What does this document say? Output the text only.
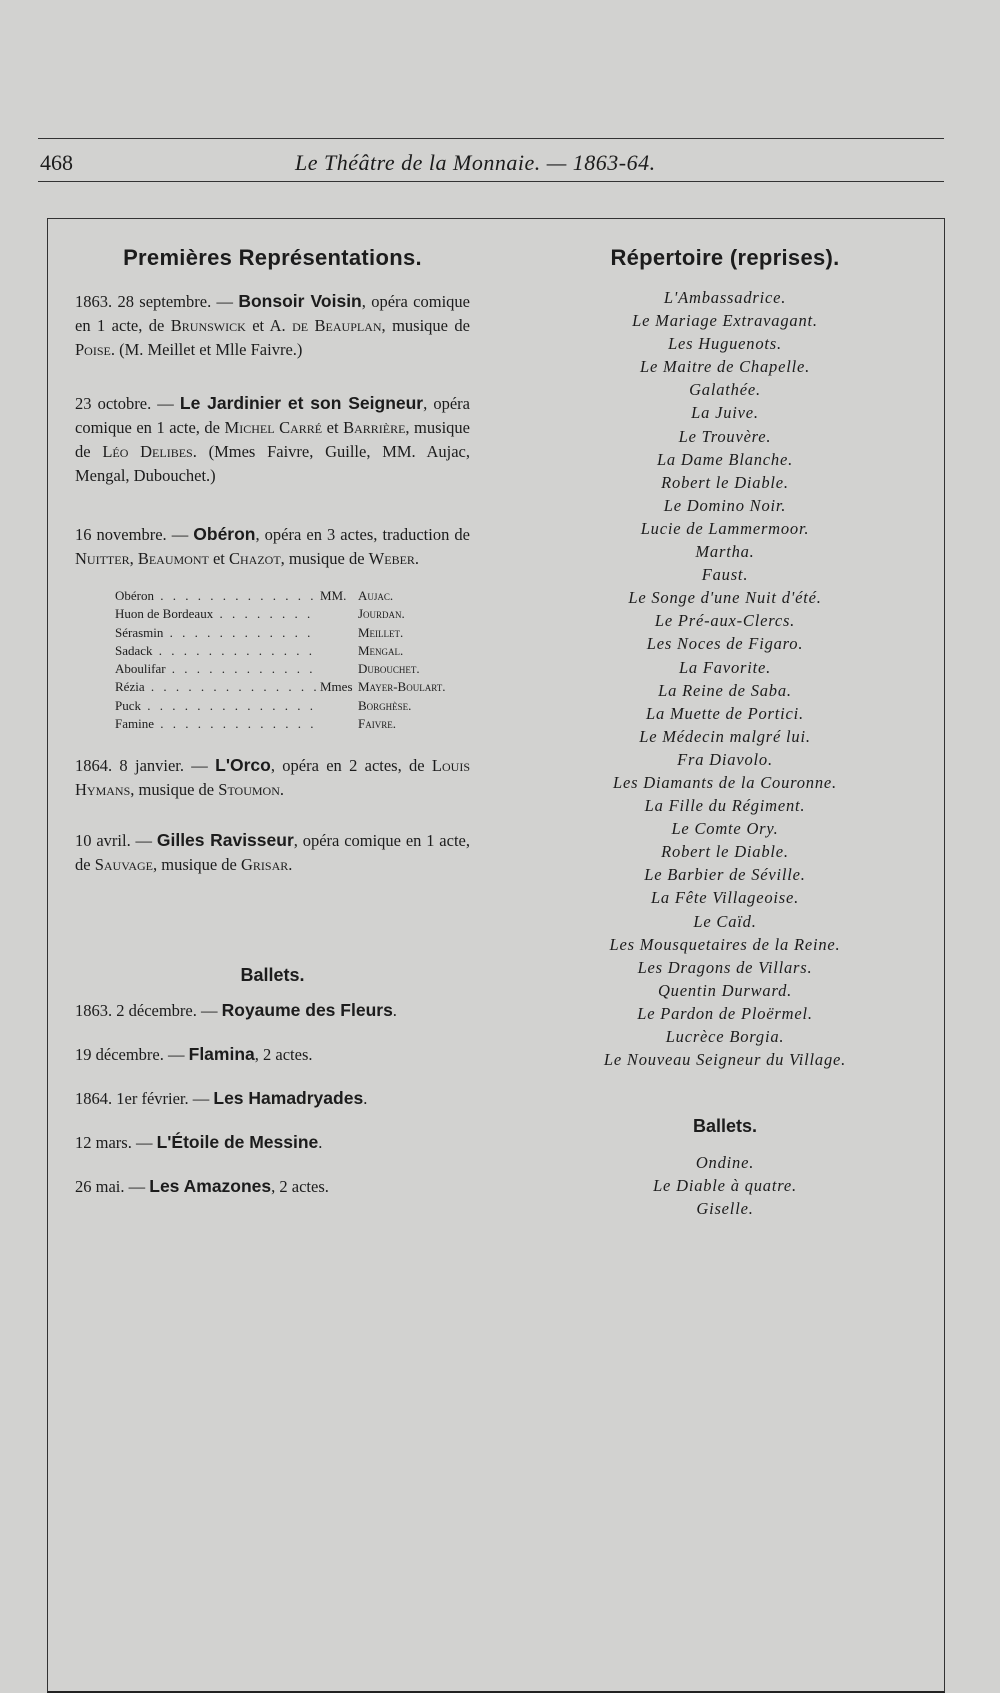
468	Le Théâtre de la Monnaie. — 1863-64.
Premières Représentations.

1863. 28 septembre. — Bonsoir Voisin, opéra comique en 1 acte, de Brunswick et A. de Beauplan, musique de Poise. (M. Meillet et Mlle Faivre.)

23 octobre. — Le Jardinier et son Seigneur, opéra comique en 1 acte, de Michel Carré et Barrière, musique de Léo Delibes. (Mmes Faivre, Guille, MM. Aujac, Mengal, Dubouchet.)

16 novembre. — Obéron, opéra en 3 actes, traduction de Nuitter, Beaumont et Chazot, musique de Weber.

Obéron . . .	MM. Aujac.
Huon de Bordeaux . . .	Jourdan.
Sérasmin . . .	Meillet.
Sadack . . .	Mengal.
Aboulifar . . .	Dubouchet.
Rézia . . .	Mmes Mayer-Boulart.
Puck . . .	Borghèse.
Famine . . .	Faivre.

1864. 8 janvier. — L'Orco, opéra en 2 actes, de Louis Hymans, musique de Stoumon.

10 avril. — Gilles Ravisseur, opéra comique en 1 acte, de Sauvage, musique de Grisar.

Ballets.
1863. 2 décembre. — Royaume des Fleurs.
19 décembre. — Flamina, 2 actes.
1864. 1er février. — Les Hamadryades.
12 mars. — L'Étoile de Messine.
26 mai. — Les Amazones, 2 actes.
Répertoire (reprises).
L'Ambassadrice.
Le Mariage Extravagant.
Les Huguenots.
Le Maitre de Chapelle.
Galathée.
La Juive.
Le Trouvère.
La Dame Blanche.
Robert le Diable.
Le Domino Noir.
Lucie de Lammermoor.
Martha.
Faust.
Le Songe d'une Nuit d'été.
Le Pré-aux-Clercs.
Les Noces de Figaro.
La Favorite.
La Reine de Saba.
La Muette de Portici.
Le Médecin malgré lui.
Fra Diavolo.
Les Diamants de la Couronne.
La Fille du Régiment.
Le Comte Ory.
Robert le Diable.
Le Barbier de Séville.
La Fête Villageoise.
Le Caïd.
Les Mousquetaires de la Reine.
Les Dragons de Villars.
Quentin Durward.
Le Pardon de Ploërmel.
Lucrèce Borgia.
Le Nouveau Seigneur du Village.
Ballets.
Ondine.
Le Diable à quatre.
Giselle.
